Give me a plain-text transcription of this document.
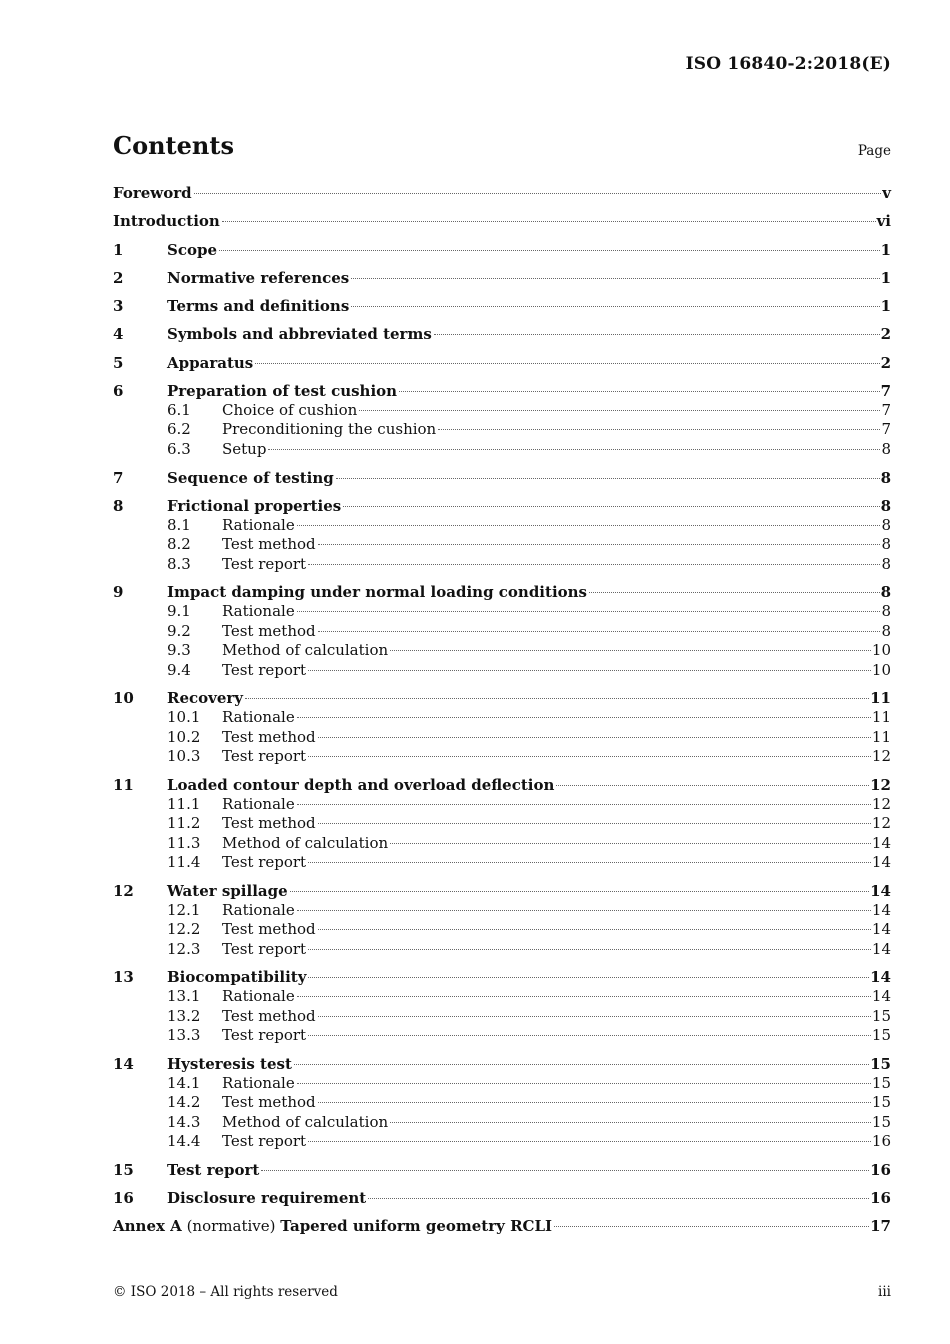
ISO 16840-2:2018(E)
Contents	Page
Foreword	v
Introduction	vi
1	Scope	1
2	Normative references	1
3	Terms and definitions	1
4	Symbols and abbreviated terms	2
5	Apparatus	2
6	Preparation of test cushion	7
6.1	Choice of cushion	7
6.2	Preconditioning the cushion	7
6.3	Setup	8
7	Sequence of testing	8
8	Frictional properties	8
8.1	Rationale	8
8.2	Test method	8
8.3	Test report	8
9	Impact damping under normal loading conditions	8
9.1	Rationale	8
9.2	Test method	8
9.3	Method of calculation	10
9.4	Test report	10
10	Recovery	11
10.1	Rationale	11
10.2	Test method	11
10.3	Test report	12
11	Loaded contour depth and overload deflection	12
11.1	Rationale	12
11.2	Test method	12
11.3	Method of calculation	14
11.4	Test report	14
12	Water spillage	14
12.1	Rationale	14
12.2	Test method	14
12.3	Test report	14
13	Biocompatibility	14
13.1	Rationale	14
13.2	Test method	15
13.3	Test report	15
14	Hysteresis test	15
14.1	Rationale	15
14.2	Test method	15
14.3	Method of calculation	15
14.4	Test report	16
15	Test report	16
16	Disclosure requirement	16
Annex A (normative) Tapered uniform geometry RCLI	17
© ISO 2018 – All rights reserved	iii
